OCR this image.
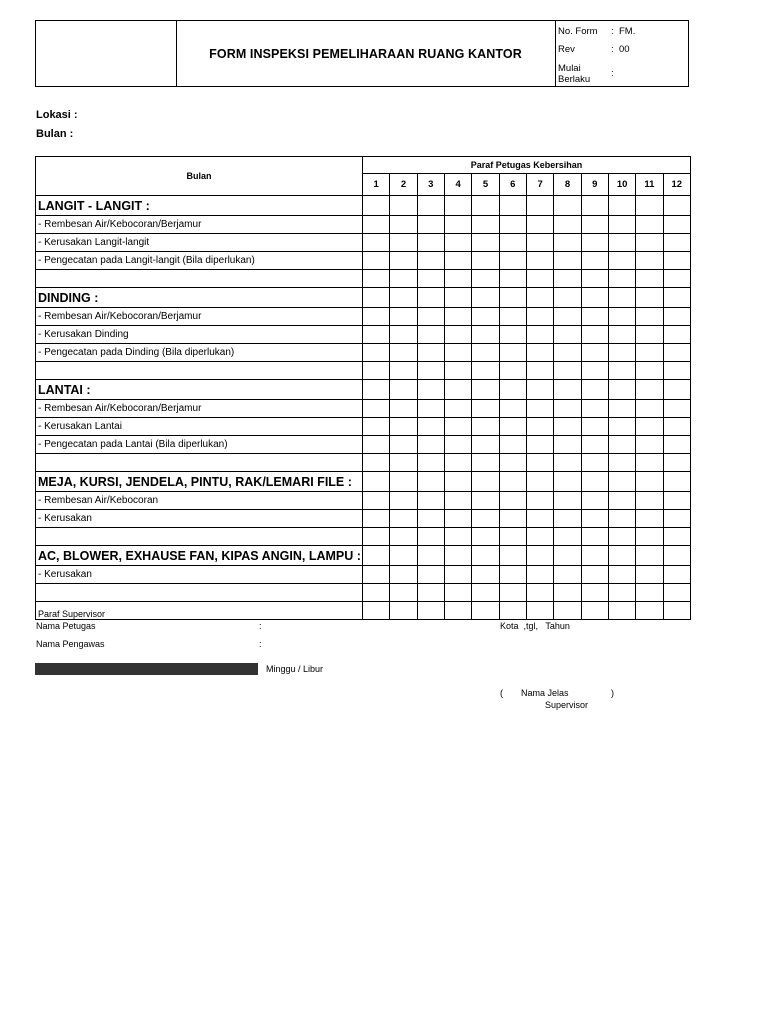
FORM INSPEKSI PEMELIHARAAN RUANG KANTOR
No. Form : FM.
Rev	: 00
Mulai Berlaku
:
Lokasi :
Bulan :
Bulan	Paraf Petugas Kebersihan											
	1	2	3	4	5	6	7	8	9	10	11	12
LANGIT - LANGIT :												
- Rembesan Air/Kebocoran/Berjamur												
- Kerusakan Langit-langit												
- Pengecatan pada Langit-langit (Bila diperlukan)												

DINDING :												
- Rembesan Air/Kebocoran/Berjamur												
- Kerusakan Dinding												
- Pengecatan pada Dinding (Bila diperlukan)												

LANTAI :												
- Rembesan Air/Kebocoran/Berjamur												
- Kerusakan Lantai												
- Pengecatan pada Lantai (Bila diperlukan)												

MEJA, KURSI, JENDELA, PINTU, RAK/LEMARI FILE :												
- Rembesan Air/Kebocoran												
- Kerusakan												

AC, BLOWER, EXHAUSE FAN, KIPAS ANGIN, LAMPU :												
- Kerusakan												

Paraf Supervisor												
Nama Petugas	:
Nama Pengawas	:
Kota  ,tgl,   Tahun
Minggu / Libur
( Nama Jelas	)
Supervisor
